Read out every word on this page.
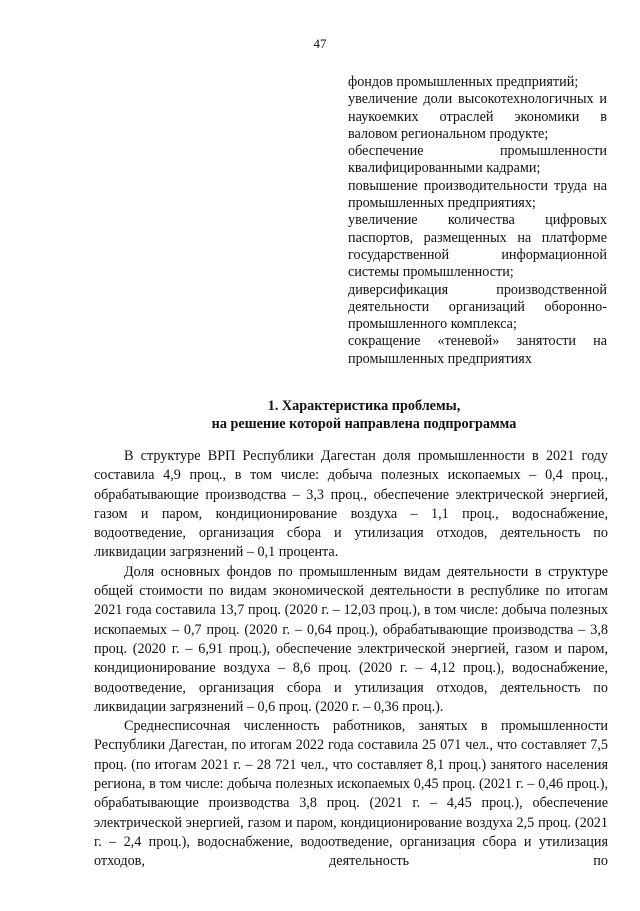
47
фондов промышленных предприятий;
увеличение доли высокотехнологичных и наукоемких отраслей экономики в валовом региональном продукте;
обеспечение промышленности квалифицированными кадрами;
повышение производительности труда на промышленных предприятиях;
увеличение количества цифровых паспортов, размещенных на платформе государственной информационной системы промышленности;
диверсификация производственной деятельности организаций оборонно-промышленного комплекса;
сокращение «теневой» занятости на промышленных предприятиях
1. Характеристика проблемы,
на решение которой направлена подпрограмма

В структуре ВРП Республики Дагестан доля промышленности в 2021 году составила 4,9 проц., в том числе: добыча полезных ископаемых – 0,4 проц., обрабатывающие производства – 3,3 проц., обеспечение электрической энергией, газом и паром, кондиционирование воздуха – 1,1 проц., водоснабжение, водоотведение, организация сбора и утилизация отходов, деятельность по ликвидации загрязнений – 0,1 процента.

Доля основных фондов по промышленным видам деятельности в структуре общей стоимости по видам экономической деятельности в республике по итогам 2021 года составила 13,7 проц. (2020 г. – 12,03 проц.), в том числе: добыча полезных ископаемых – 0,7 проц. (2020 г. – 0,64 проц.), обрабатывающие производства – 3,8 проц. (2020 г. – 6,91 проц.), обеспечение электрической энергией, газом и паром, кондиционирование воздуха – 8,6 проц. (2020 г. – 4,12 проц.), водоснабжение, водоотведение, организация сбора и утилизация отходов, деятельность по ликвидации загрязнений – 0,6 проц. (2020 г. – 0,36 проц.).

Среднесписочная численность работников, занятых в промышленности Республики Дагестан, по итогам 2022 года составила 25 071 чел., что составляет 7,5 проц. (по итогам 2021 г. – 28 721 чел., что составляет 8,1 проц.) занятого населения региона, в том числе: добыча полезных ископаемых 0,45 проц. (2021 г. – 0,46 проц.), обрабатывающие производства 3,8 проц. (2021 г. – 4,45 проц.), обеспечение электрической энергией, газом и паром, кондиционирование воздуха 2,5 проц. (2021 г. – 2,4 проц.), водоснабжение, водоотведение, организация сбора и утилизация отходов, деятельность по
